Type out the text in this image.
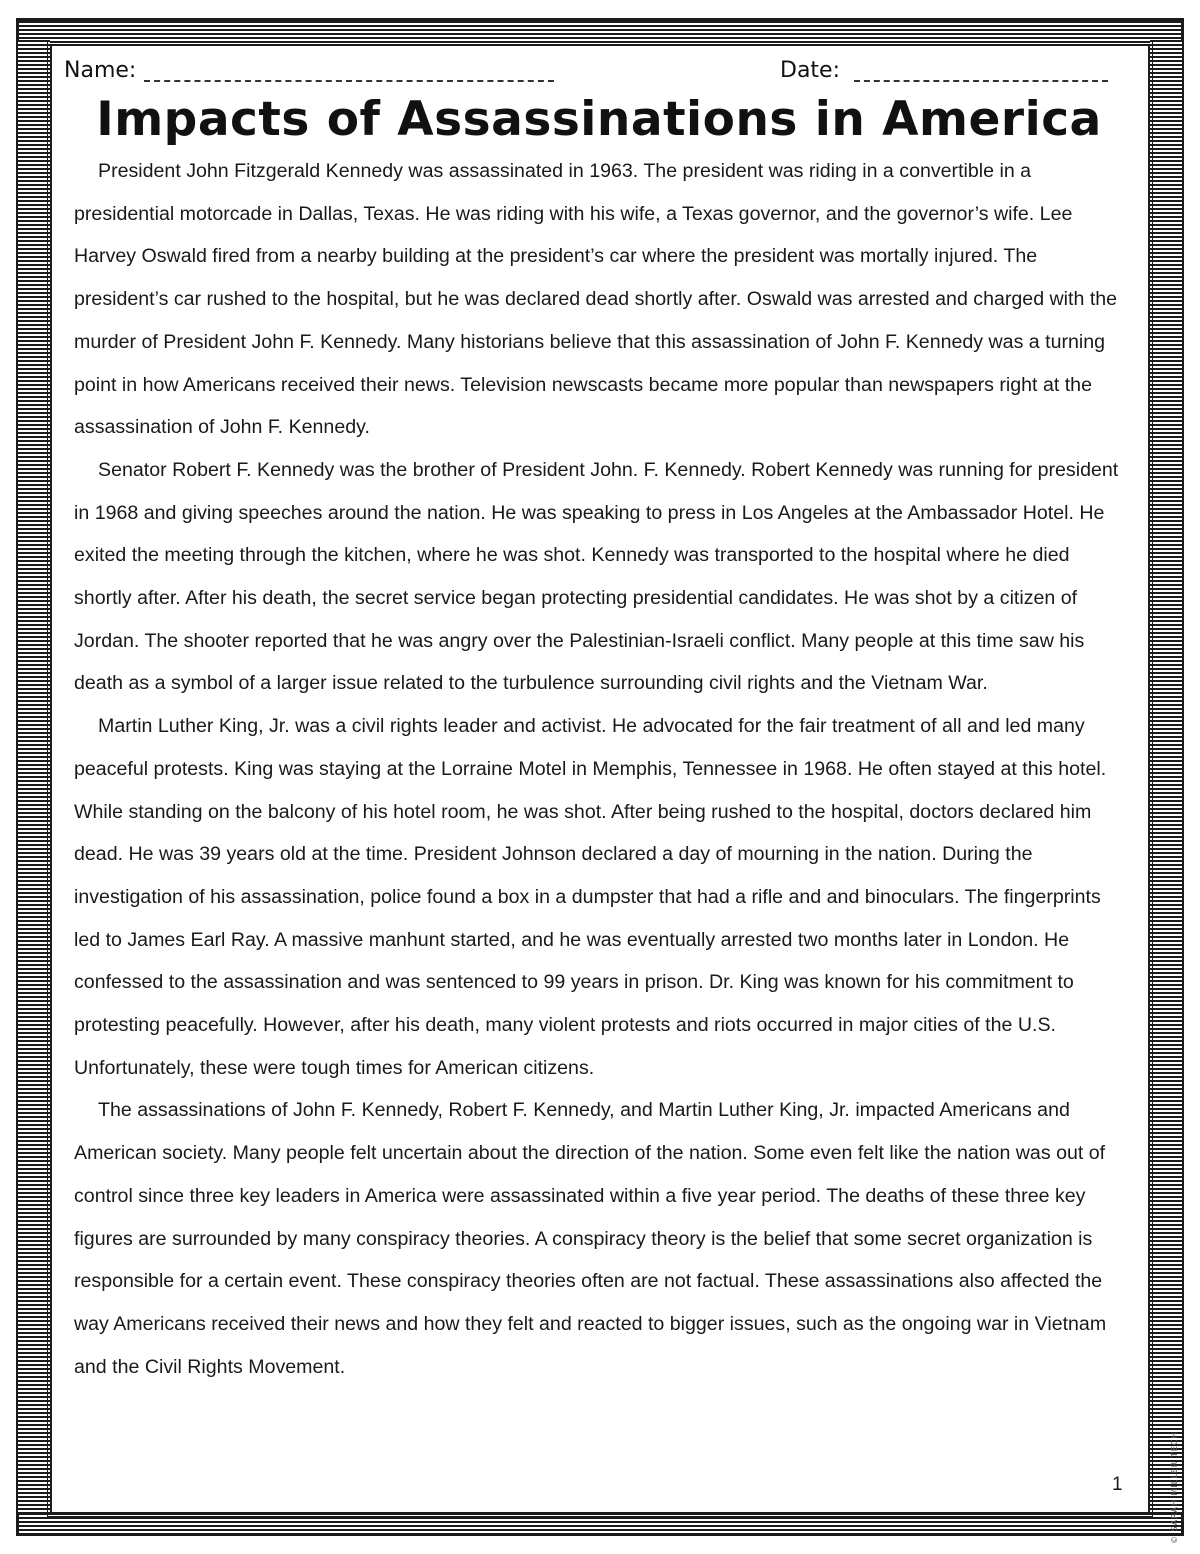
Name:	Date:
Impacts of Assassinations in America

President John Fitzgerald Kennedy was assassinated in 1963. The president was riding in a convertible in a presidential motorcade in Dallas, Texas. He was riding with his wife, a Texas governor, and the governor’s wife. Lee Harvey Oswald fired from a nearby building at the president’s car where the president was mortally injured. The president’s car rushed to the hospital, but he was declared dead shortly after. Oswald was arrested and charged with the murder of President John F. Kennedy. Many historians believe that this assassination of John F. Kennedy was a turning point in how Americans received their news. Television newscasts became more popular than newspapers right at the assassination of John F. Kennedy.

Senator Robert F. Kennedy was the brother of President John. F. Kennedy. Robert Kennedy was running for president in 1968 and giving speeches around the nation. He was speaking to press in Los Angeles at the Ambassador Hotel. He exited the meeting through the kitchen, where he was shot. Kennedy was transported to the hospital where he died shortly after. After his death, the secret service began protecting presidential candidates. He was shot by a citizen of Jordan. The shooter reported that he was angry over the Palestinian-Israeli conflict. Many people at this time saw his death as a symbol of a larger issue related to the turbulence surrounding civil rights and the Vietnam War.

Martin Luther King, Jr. was a civil rights leader and activist. He advocated for the fair treatment of all and led many peaceful protests. King was staying at the Lorraine Motel in Memphis, Tennessee in 1968. He often stayed at this hotel. While standing on the balcony of his hotel room, he was shot. After being rushed to the hospital, doctors declared him dead. He was 39 years old at the time. President Johnson declared a day of mourning in the nation. During the investigation of his assassination, police found a box in a dumpster that had a rifle and and binoculars. The fingerprints led to James Earl Ray. A massive manhunt started, and he was eventually arrested two months later in London. He confessed to the assassination and was sentenced to 99 years in prison. Dr. King was known for his commitment to protesting peacefully. However, after his death, many violent protests and riots occurred in major cities of the U.S. Unfortunately, these were tough times for American citizens.

The assassinations of John F. Kennedy, Robert F. Kennedy, and Martin Luther King, Jr. impacted Americans and American society. Many people felt uncertain about the direction of the nation. Some even felt like the nation was out of control since three key leaders in America were assassinated within a five year period. The deaths of these three key figures are surrounded by many conspiracy theories. A conspiracy theory is the belief that some secret organization is responsible for a certain event. These conspiracy theories often are not factual. These assassinations also affected the way Americans received their news and how they felt and reacted to bigger issues, such as the ongoing war in Vietnam and the Civil Rights Movement.

1	© SARAH MILLER TECH
